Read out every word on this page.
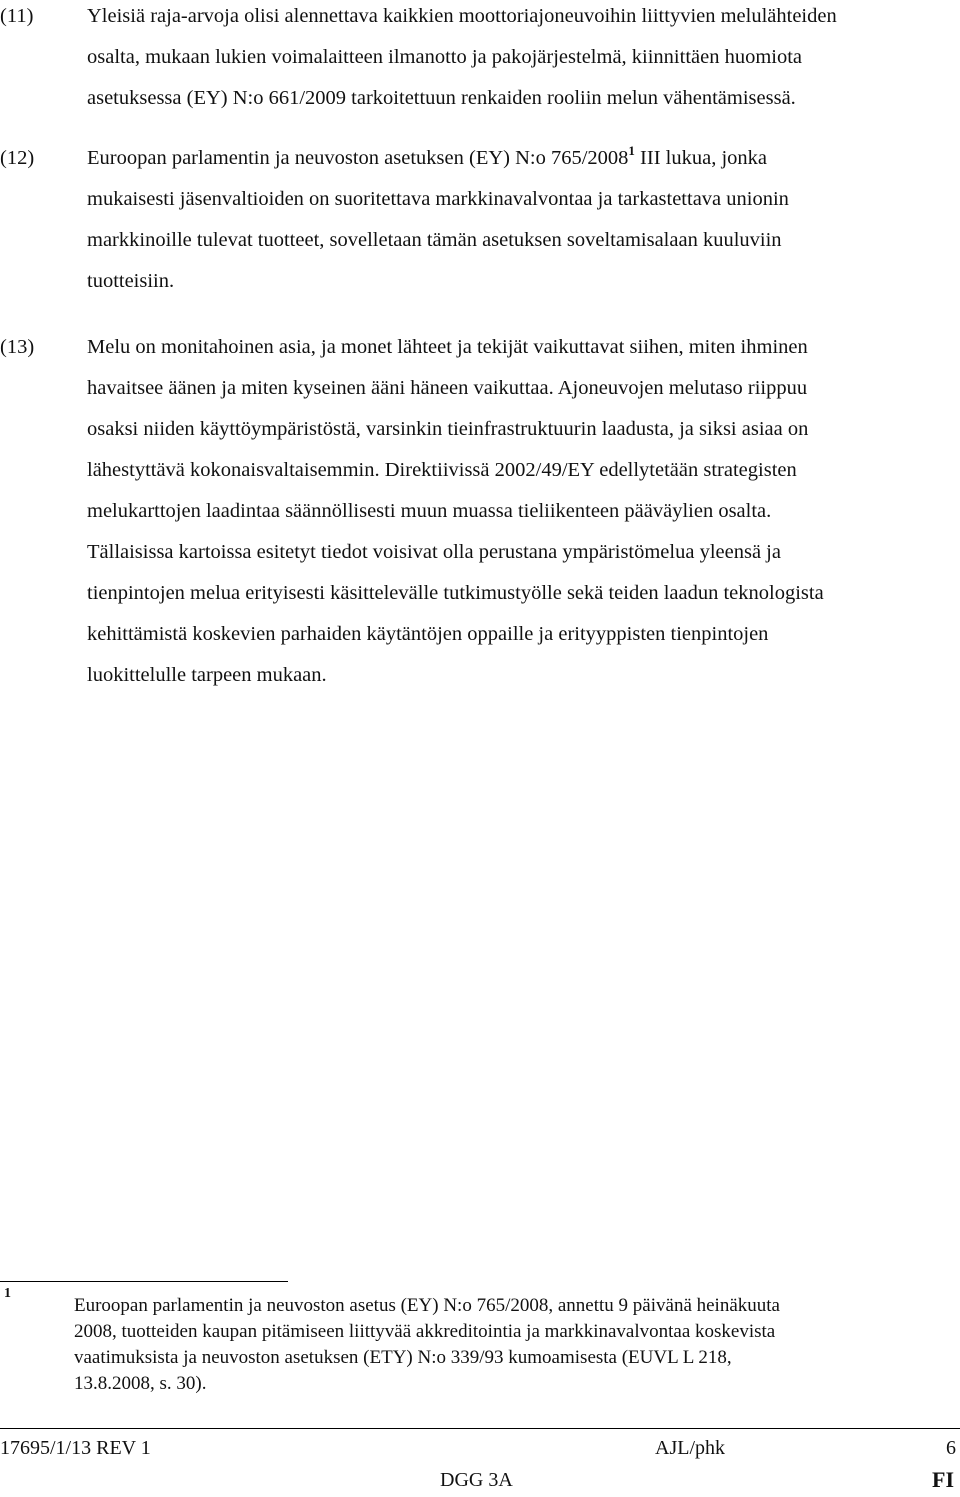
(11)	Yleisiä raja-arvoja olisi alennettava kaikkien moottoriajoneuvoihin liittyvien melulähteiden
osalta, mukaan lukien voimalaitteen ilmanotto ja pakojärjestelmä, kiinnittäen huomiota
asetuksessa (EY) N:o 661/2009 tarkoitettuun renkaiden rooliin melun vähentämisessä.
(12)	Euroopan parlamentin ja neuvoston asetuksen (EY) N:o 765/2008$^1$ III lukua, jonka
mukaisesti jäsenvaltioiden on suoritettava markkinavalvontaa ja tarkastettava unionin
markkinoille tulevat tuotteet, sovelletaan tämän asetuksen soveltamisalaan kuuluviin
tuotteisiin.
(13)	Melu on monitahoinen asia, ja monet lähteet ja tekijät vaikuttavat siihen, miten ihminen
havaitsee äänen ja miten kyseinen ääni häneen vaikuttaa. Ajoneuvojen melutaso riippuu
osaksi niiden käyttöympäristöstä, varsinkin tieinfrastruktuurin laadusta, ja siksi asiaa on
lähestyttävä kokonaisvaltaisemmin. Direktiivissä 2002/49/EY edellytetään strategisten
melukarttojen laadintaa säännöllisesti muun muassa tieliikenteen pääväylien osalta.
Tällaisissa kartoissa esitetyt tiedot voisivat olla perustana ympäristömelua yleensä ja
tienpintojen melua erityisesti käsittelevälle tutkimustyölle sekä teiden laadun teknologista
kehittämistä koskevien parhaiden käytäntöjen oppaille ja erityyppisten tienpintojen
luokittelulle tarpeen mukaan.
1
Euroopan parlamentin ja neuvoston asetus (EY) N:o 765/2008, annettu 9 päivänä heinäkuuta
2008, tuotteiden kaupan pitämiseen liittyvää akkreditointia ja markkinavalvontaa koskevista
vaatimuksista ja neuvoston asetuksen (ETY) N:o 339/93 kumoamisesta (EUVL L 218,
13.8.2008, s. 30).
17695/1/13 REV 1	AJL/phk	6
DGG 3A	FI
